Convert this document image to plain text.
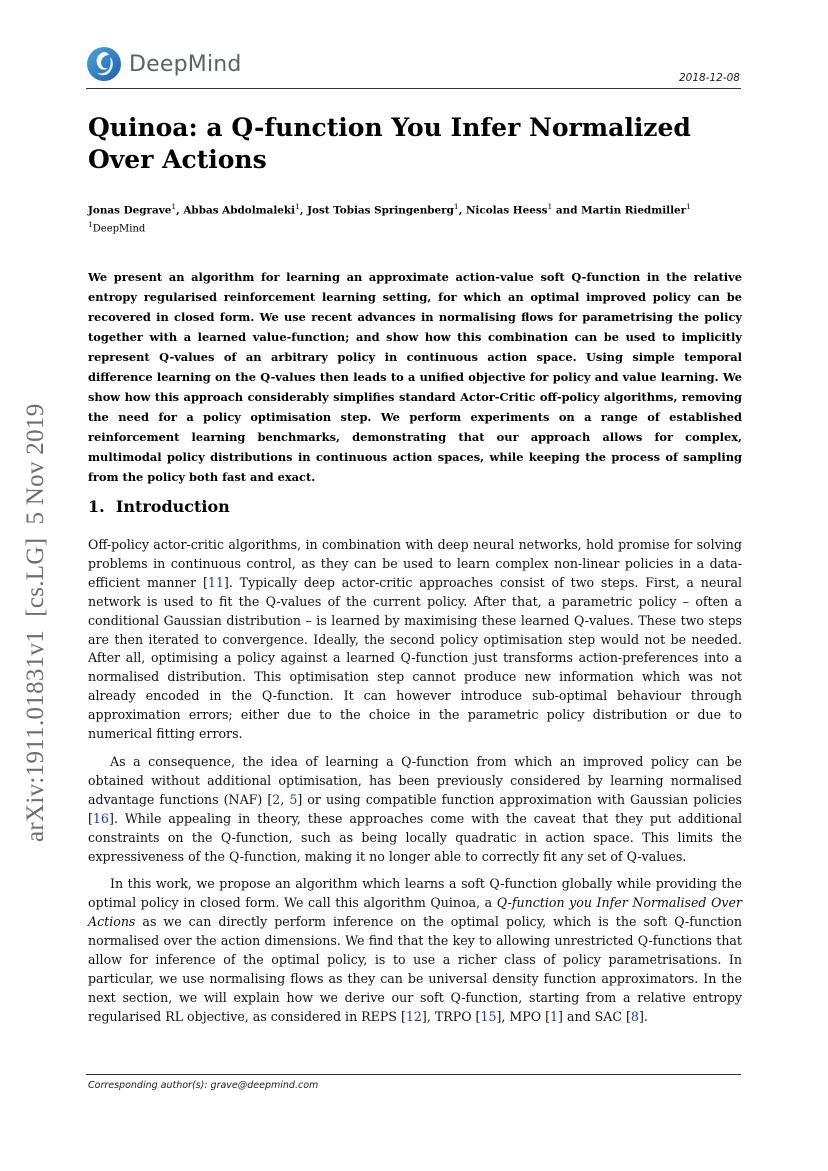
DeepMind
2018-12-08
arXiv:1911.01831v1  [cs.LG]  5 Nov 2019
Quinoa: a Q-function You Infer Normalized Over Actions
Jonas Degrave$^1$, Abbas Abdolmaleki$^1$, Jost Tobias Springenberg$^1$, Nicolas Heess$^1$ and Martin Riedmiller$^1$
$^1$DeepMind

We present an algorithm for learning an approximate action-value soft Q-function in the relative entropy regularised reinforcement learning setting, for which an optimal improved policy can be recovered in closed form. We use recent advances in normalising flows for parametrising the policy together with a learned value-function; and show how this combination can be used to implicitly represent Q-values of an arbitrary policy in continuous action space. Using simple temporal difference learning on the Q-values then leads to a unified objective for policy and value learning. We show how this approach considerably simplifies standard Actor-Critic off-policy algorithms, removing the need for a policy optimisation step. We perform experiments on a range of established reinforcement learning benchmarks, demonstrating that our approach allows for complex, multimodal policy distributions in continuous action spaces, while keeping the process of sampling from the policy both fast and exact.

1. Introduction

Off-policy actor-critic algorithms, in combination with deep neural networks, hold promise for solving problems in continuous control, as they can be used to learn complex non-linear policies in a data-efficient manner [11]. Typically deep actor-critic approaches consist of two steps. First, a neural network is used to fit the Q-values of the current policy. After that, a parametric policy – often a conditional Gaussian distribution – is learned by maximising these learned Q-values. These two steps are then iterated to convergence. Ideally, the second policy optimisation step would not be needed. After all, optimising a policy against a learned Q-function just transforms action-preferences into a normalised distribution. This optimisation step cannot produce new information which was not already encoded in the Q-function. It can however introduce sub-optimal behaviour through approximation errors; either due to the choice in the parametric policy distribution or due to numerical fitting errors.

As a consequence, the idea of learning a Q-function from which an improved policy can be obtained without additional optimisation, has been previously considered by learning normalised advantage functions (NAF) [2, 5] or using compatible function approximation with Gaussian policies [16]. While appealing in theory, these approaches come with the caveat that they put additional constraints on the Q-function, such as being locally quadratic in action space. This limits the expressiveness of the Q-function, making it no longer able to correctly fit any set of Q-values.

In this work, we propose an algorithm which learns a soft Q-function globally while providing the optimal policy in closed form. We call this algorithm Quinoa, a Q-function you Infer Normalised Over Actions as we can directly perform inference on the optimal policy, which is the soft Q-function normalised over the action dimensions. We find that the key to allowing unrestricted Q-functions that allow for inference of the optimal policy, is to use a richer class of policy parametrisations. In particular, we use normalising flows as they can be universal density function approximators. In the next section, we will explain how we derive our soft Q-function, starting from a relative entropy regularised RL objective, as considered in REPS [12], TRPO [15], MPO [1] and SAC [8].

Corresponding author(s): grave@deepmind.com
